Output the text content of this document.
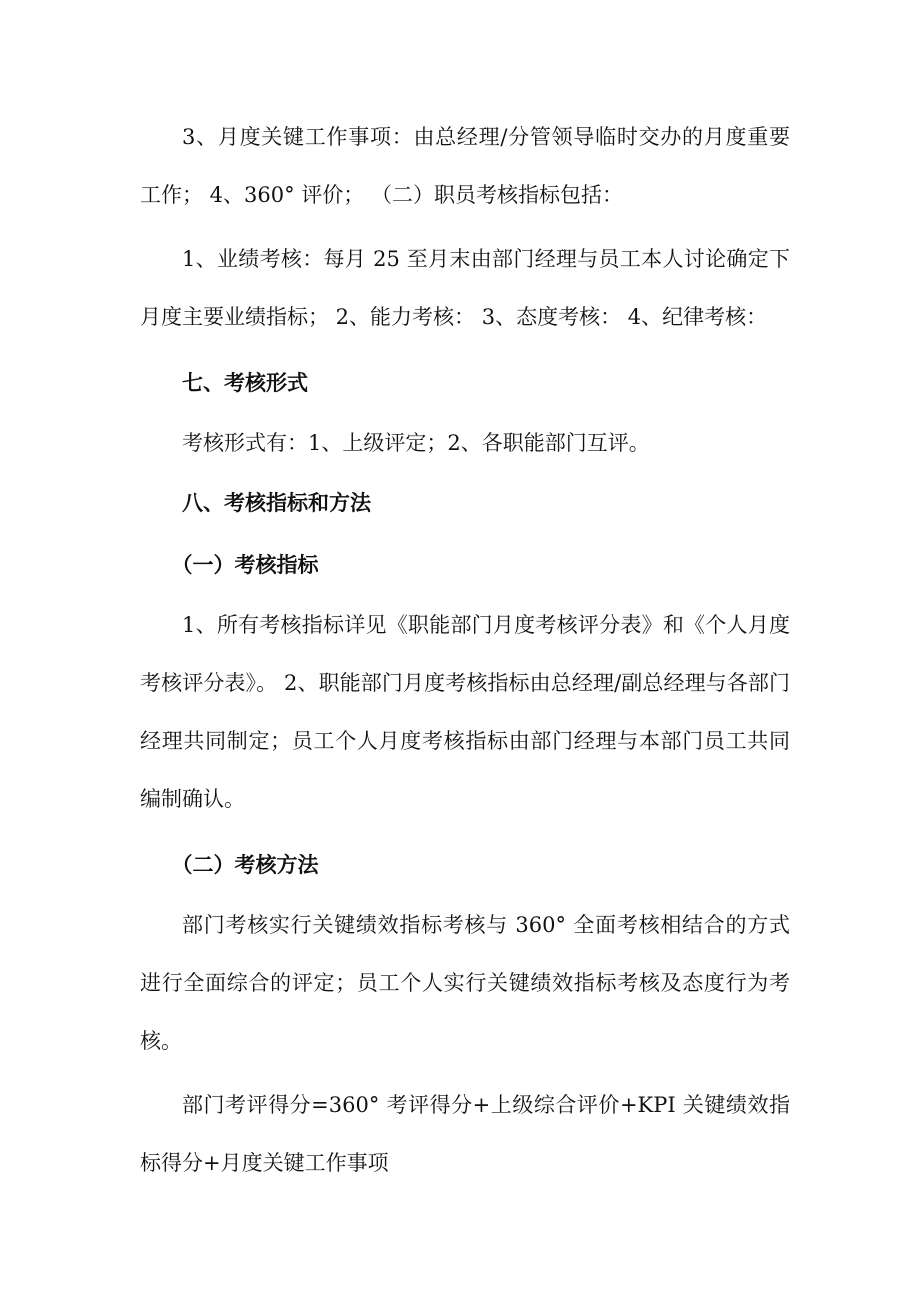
3、月度关键工作事项：由总经理/分管领导临时交办的月度重要工作； 4、360° 评价； （二）职员考核指标包括：

1、业绩考核：每月 25 至月末由部门经理与员工本人讨论确定下月度主要业绩指标； 2、能力考核： 3、态度考核： 4、纪律考核：

七、考核形式

考核形式有：1、上级评定；2、各职能部门互评。

八、考核指标和方法

（一）考核指标

1、所有考核指标详见《职能部门月度考核评分表》和《个人月度考核评分表》。 2、职能部门月度考核指标由总经理/副总经理与各部门经理共同制定；员工个人月度考核指标由部门经理与本部门员工共同编制确认。

（二）考核方法

部门考核实行关键绩效指标考核与 360° 全面考核相结合的方式进行全面综合的评定；员工个人实行关键绩效指标考核及态度行为考核。

部门考评得分=360° 考评得分+上级综合评价+KPI 关键绩效指标得分+月度关键工作事项
